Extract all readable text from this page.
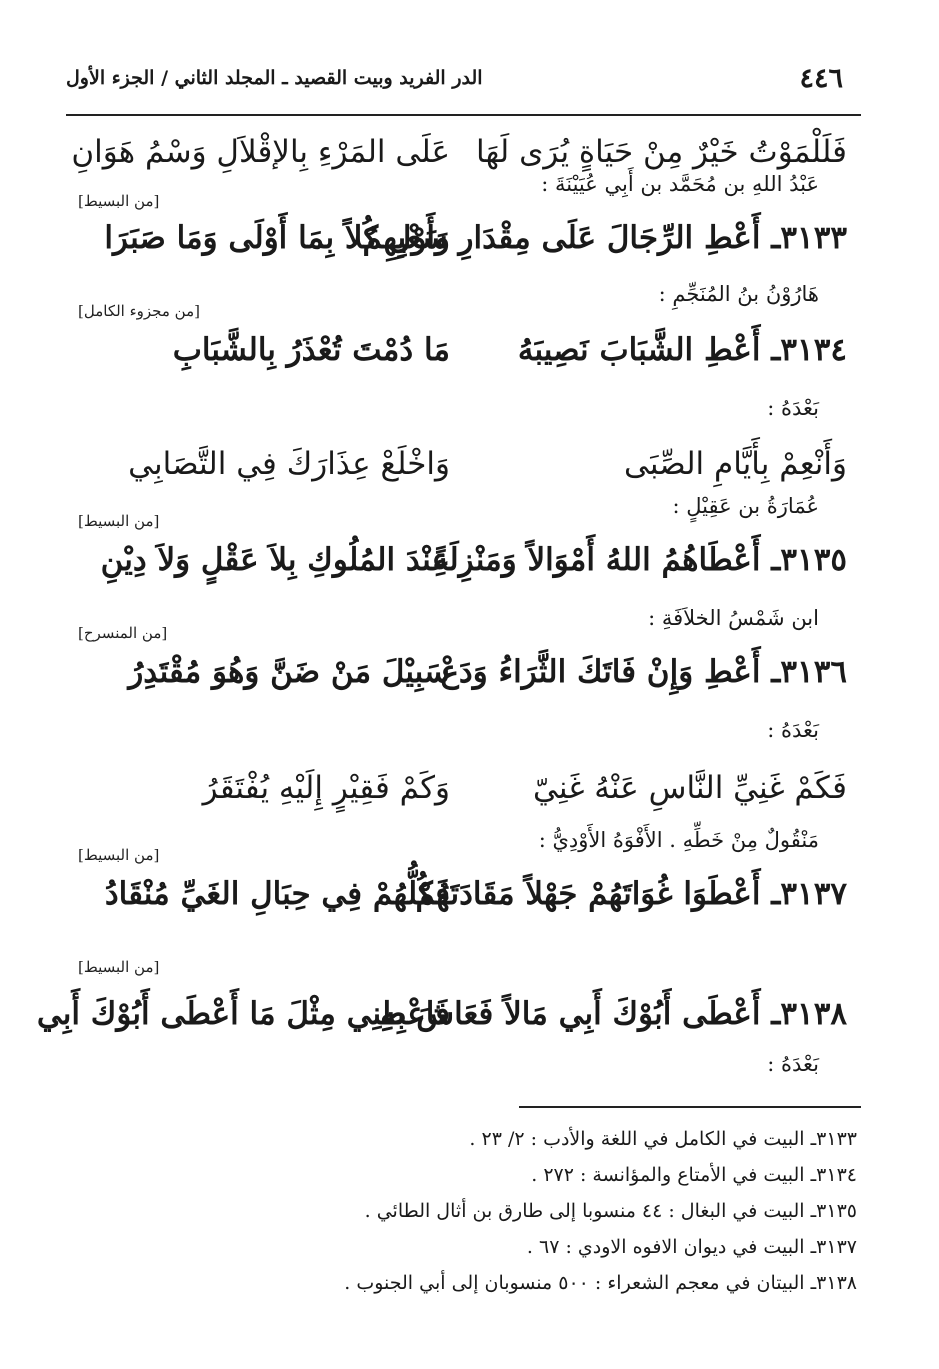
٤٤٦
الدر الفريد وبيت القصيد ـ المجلد الثاني / الجزء الأول
فَلَلْمَوْتُ خَيْرٌ مِنْ حَيَاةٍ يُرَى لَهَا
عَلَى المَرْءِ بِالإقْلاَلِ وَسْمُ هَوَانِ
عَبْدُ اللهِ بن مُحَمَّد بن أَبِي عُيَيْنَةَ :
[من البسيط]
٣١٣٣ـ أَعْطِ الرِّجَالَ عَلَى مِقْدَارِ سَعْيِهِمُ
وَأَوْلِ كُلاً بِمَا أَوْلَى وَمَا صَبَرَا
هَارُوْنُ بنُ المُنَجِّمِ :
[من مجزوء الكامل]
٣١٣٤ـ أَعْطِ الشَّبَابَ نَصِيبَهُ
مَا دُمْتَ تُعْذَرُ بِالشَّبَابِ
بَعْدَهُ :
وَأَنْعِمْ بِأَيَّامِ الصِّبَى
وَاخْلَعْ عِذَارَكَ فِي التَّصَابِي
عُمَارَةُ بن عَقِيْلٍ :
[من البسيط]
٣١٣٥ـ أَعْطَاهُمُ اللهُ أَمْوَالاً وَمَنْزِلَةً
عِنْدَ المُلُوكِ بِلاَ عَقْلٍ وَلاَ دِيْنِ
ابن شَمْسُ الخلاَفَةِ :
[من المنسرح]
٣١٣٦ـ أَعْطِ وَإِنْ فَاتَكَ الثَّرَاءُ وَدَعْ
سَبِيْلَ مَنْ ضَنَّ وَهُوَ مُقْتَدِرُ
بَعْدَهُ :
فَكَمْ غَنِيِّ النَّاسِ عَنْهُ غَنِيّ
وَكَمْ فَقِيْرٍ إِلَيْهِ يُفْتَقَرُ
مَنْقُولٌ مِنْ خَطِّهِ . الأَفْوَهُ الأَوْدِيُّ :
[من البسيط]
٣١٣٧ـ أَعْطَوَا غُوَاتَهُمْ جَهْلاً مَقَادَتَهُمْ
فَكُلُّهُمْ فِي حِبَالِ الغَيِّ مُنْقَادُ
[من البسيط]
٣١٣٨ـ أَعْطَى أَبُوْكَ أَبِي مَالاً فَعَاشَ بِهِ
فَاعْطِنِي مِثْلَ مَا أَعْطَى أَبُوْكَ أَبِي
بَعْدَهُ :
٣١٣٣ـ البيت في الكامل في اللغة والأدب : ٢/ ٢٣ .
٣١٣٤ـ البيت في الأمتاع والمؤانسة : ٢٧٢ .
٣١٣٥ـ البيت في البغال : ٤٤ منسوبا إلى طارق بن أثال الطائي .
٣١٣٧ـ البيت في ديوان الافوه الاودي : ٦٧ .
٣١٣٨ـ البيتان في معجم الشعراء : ٥٠٠ منسوبان إلى أبي الجنوب .
